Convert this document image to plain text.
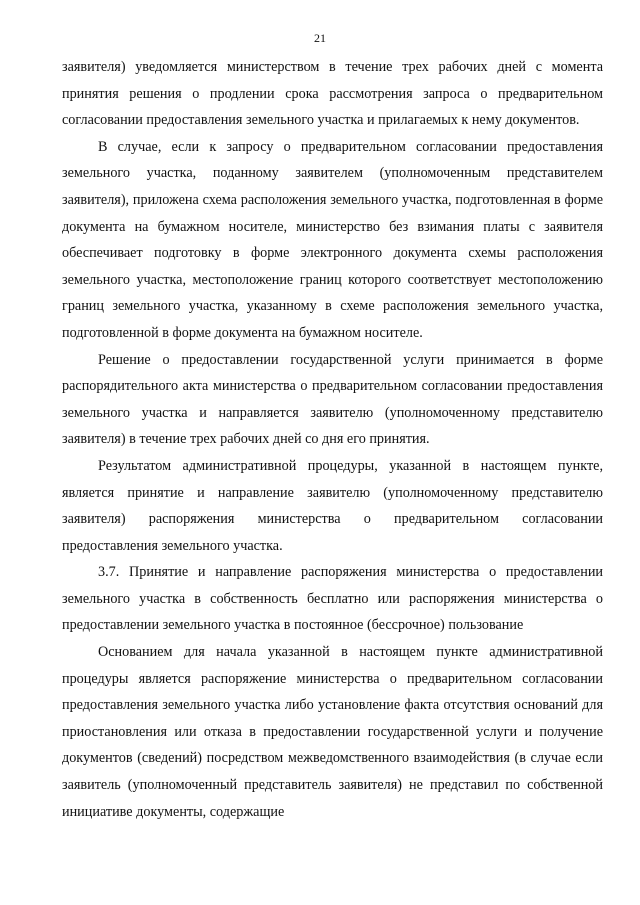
21

заявителя) уведомляется министерством в течение трех рабочих дней с момента принятия решения о продлении срока рассмотрения запроса о предварительном согласовании предоставления земельного участка и прилагаемых к нему документов.

В случае, если к запросу о предварительном согласовании предоставления земельного участка, поданному заявителем (уполномоченным представителем заявителя), приложена схема расположения земельного участка, подготовленная в форме документа на бумажном носителе, министерство без взимания платы с заявителя обеспечивает подготовку в форме электронного документа схемы расположения земельного участка, местоположение границ которого соответствует местоположению границ земельного участка, указанному в схеме расположения земельного участка, подготовленной в форме документа на бумажном носителе.

Решение о предоставлении государственной услуги принимается в форме распорядительного акта министерства о предварительном согласовании предоставления земельного участка и направляется заявителю (уполномоченному представителю заявителя) в течение трех рабочих дней со дня его принятия.

Результатом административной процедуры, указанной в настоящем пункте, является принятие и направление заявителю (уполномоченному представителю заявителя) распоряжения министерства о предварительном согласовании предоставления земельного участка.

3.7. Принятие и направление распоряжения министерства о предоставлении земельного участка в собственность бесплатно или распоряжения министерства о предоставлении земельного участка в постоянное (бессрочное) пользование

Основанием для начала указанной в настоящем пункте административной процедуры является распоряжение министерства о предварительном согласовании предоставления земельного участка либо установление факта отсутствия оснований для приостановления или отказа в предоставлении государственной услуги и получение документов (сведений) посредством межведомственного взаимодействия (в случае если заявитель (уполномоченный представитель заявителя) не представил по собственной инициативе документы, содержащие
